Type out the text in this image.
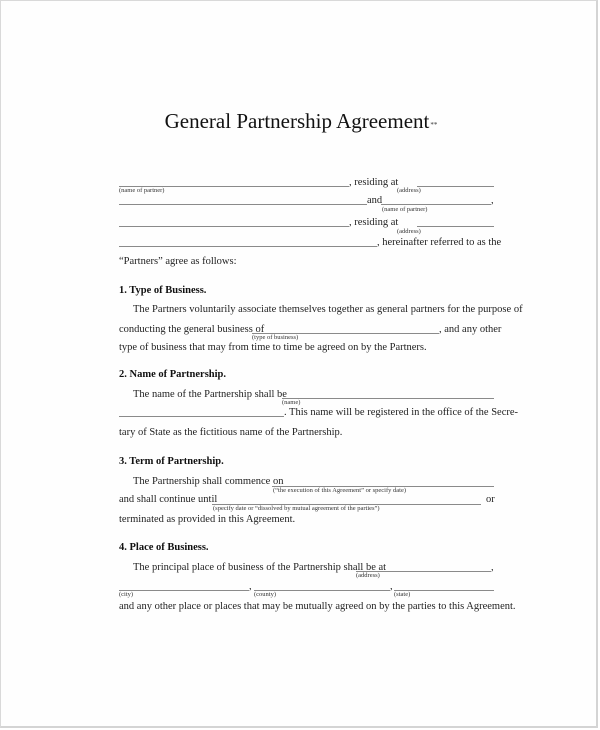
General Partnership Agreement**
, residing at
(name of partner)	(address)
and	,
(name of partner)
, residing at
(address)
, hereinafter referred to as the
“Partners” agree as follows:
1. Type of Business.
The Partners voluntarily associate themselves together as general partners for the purpose of
conducting the general business of	, and any other
(type of business)
type of business that may from time to time be agreed on by the Partners.
2. Name of Partnership.
The name of the Partnership shall be
(name)
. This name will be registered in the office of the Secre-
tary of State as the fictitious name of the Partnership.
3. Term of Partnership.
The Partnership shall commence on
(“the execution of this Agreement” or specify date)
and shall continue until	or
(specify date or “dissolved by mutual agreement of the parties”)
terminated as provided in this Agreement.
4. Place of Business.
The principal place of business of the Partnership shall be at	,
(address)
,	,
(city)	(county)	(state)
and any other place or places that may be mutually agreed on by the parties to this Agreement.
